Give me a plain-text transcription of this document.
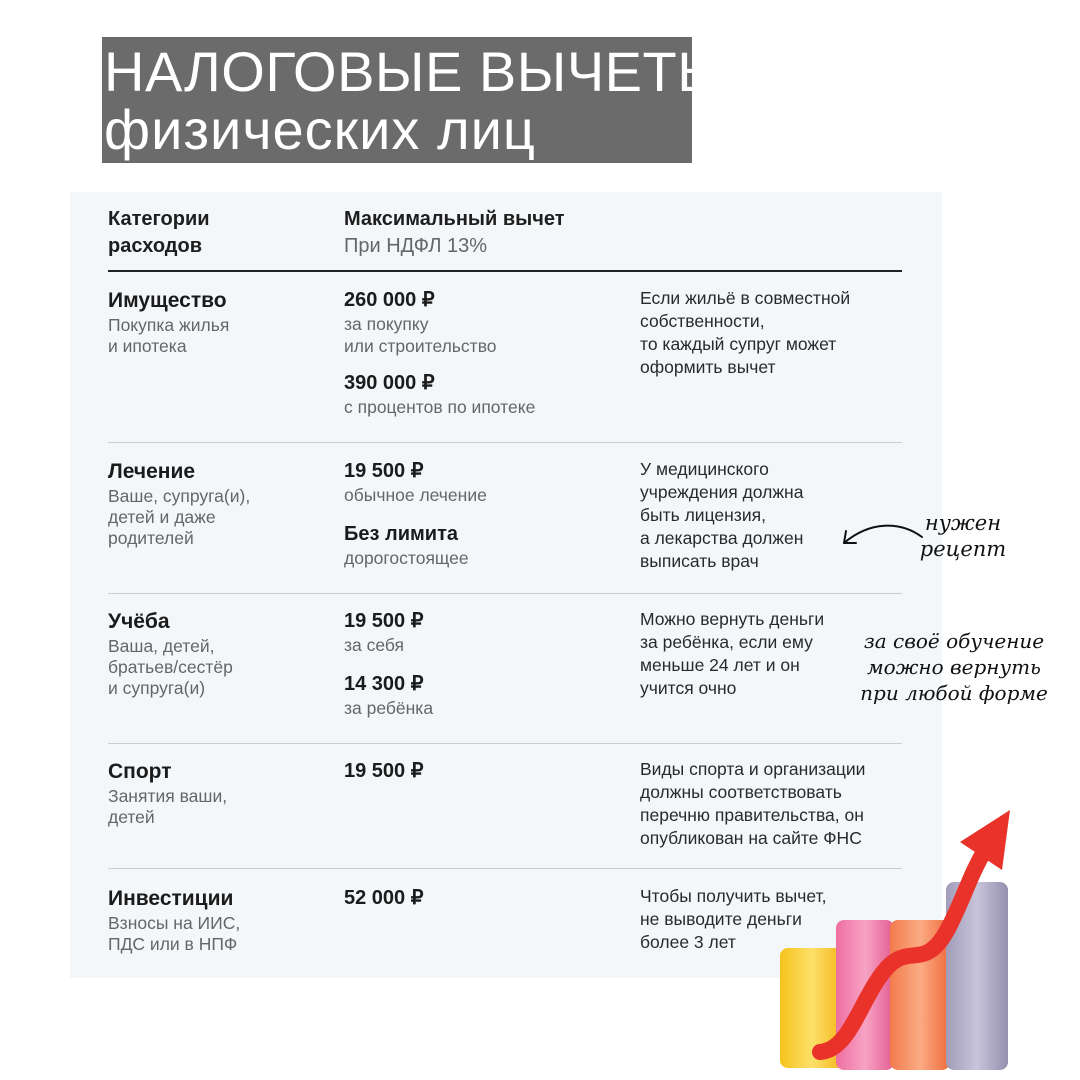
НАЛОГОВЫЕ ВЫЧЕТЫ
физических лиц
Категории
расходов
Максимальный вычет
При НДФЛ 13%
Имущество
Покупка жилья
и ипотека
260 000 ₽
за покупку
или строительство
390 000 ₽
с процентов по ипотеке
Если жильё в совместной
собственности,
то каждый супруг может
оформить вычет
Лечение
Ваше, супруга(и),
детей и даже
родителей
19 500 ₽
обычное лечение
Без лимита
дорогостоящее
У медицинского
учреждения должна
быть лицензия,
а лекарства должен
выписать врач
Учёба
Ваша, детей,
братьев/сестёр
и супруга(и)
19 500 ₽
за себя
14 300 ₽
за ребёнка
Можно вернуть деньги
за ребёнка, если ему
меньше 24 лет и он
учится очно
Спорт
Занятия ваши,
детей
19 500 ₽	Виды спорта и организации
должны соответствовать
перечню правительства, он
опубликован на сайте ФНС
Инвестиции
Взносы на ИИС,
ПДС или в НПФ
52 000 ₽	Чтобы получить вычет,
не выводите деньги
более 3 лет
нужен
рецепт
за своё обучение
можно вернуть
при любой форме
